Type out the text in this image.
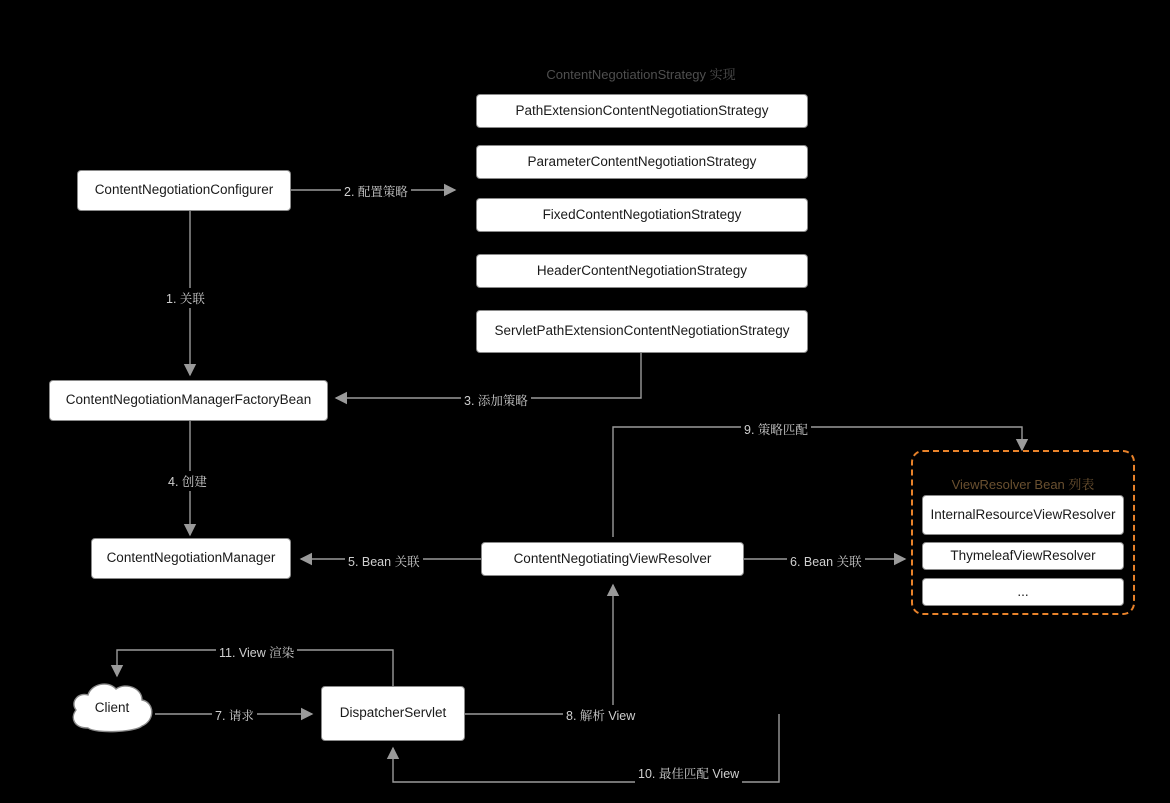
ContentNegotiationStrategy 实现
PathExtensionContentNegotiationStrategy
ParameterContentNegotiationStrategy
FixedContentNegotiationStrategy
HeaderContentNegotiationStrategy
ServletPathExtensionContentNegotiationStrategy
ContentNegotiationConfigurer
ContentNegotiationManagerFactoryBean
ContentNegotiationManager	ContentNegotiatingViewResolver
DispatcherServlet
Client
ViewResolver Bean 列表
InternalResourceViewResolver
ThymeleafViewResolver
...
1. 关联
2. 配置策略
3. 添加策略
4. 创建
5. Bean 关联	6. Bean 关联
7. 请求	8. 解析 View
9. 策略匹配
10. 最佳匹配 View
11. View 渲染
